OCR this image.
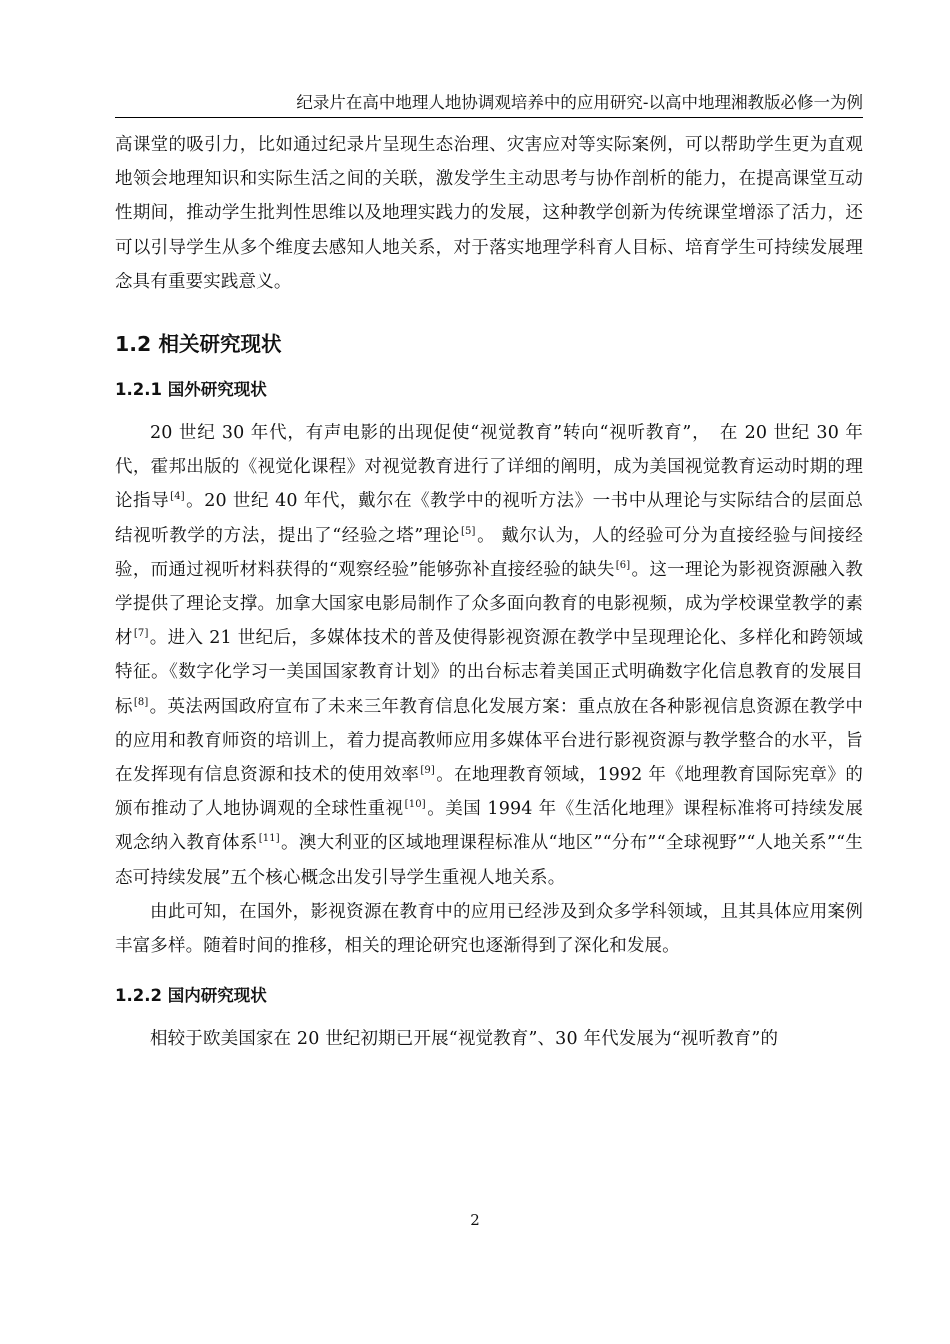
纪录片在高中地理人地协调观培养中的应用研究-以高中地理湘教版必修一为例

高课堂的吸引力，比如通过纪录片呈现生态治理、灾害应对等实际案例，可以帮助学生更为直观地领会地理知识和实际生活之间的关联，激发学生主动思考与协作剖析的能力，在提高课堂互动性期间，推动学生批判性思维以及地理实践力的发展，这种教学创新为传统课堂增添了活力，还可以引导学生从多个维度去感知人地关系，对于落实地理学科育人目标、培育学生可持续发展理念具有重要实践意义。

1.2 相关研究现状
1.2.1 国外研究现状

20 世纪 30 年代，有声电影的出现促使“视觉教育”转向“视听教育”，　在 20 世纪 30 年代，霍邦出版的《视觉化课程》对视觉教育进行了详细的阐明，成为美国视觉教育运动时期的理论指导[4]。20 世纪 40 年代，戴尔在《教学中的视听方法》一书中从理论与实际结合的层面总结视听教学的方法，提出了“经验之塔”理论[5]。 戴尔认为，人的经验可分为直接经验与间接经验，而通过视听材料获得的“观察经验”能够弥补直接经验的缺失[6]。这一理论为影视资源融入教学提供了理论支撑。加拿大国家电影局制作了众多面向教育的电影视频，成为学校课堂教学的素材[7]。进入 21 世纪后，多媒体技术的普及使得影视资源在教学中呈现理论化、多样化和跨领域特征。《数字化学习一美国国家教育计划》的出台标志着美国正式明确数字化信息教育的发展目标[8]。英法两国政府宣布了未来三年教育信息化发展方案：重点放在各种影视信息资源在教学中的应用和教育师资的培训上，着力提高教师应用多媒体平台进行影视资源与教学整合的水平，旨在发挥现有信息资源和技术的使用效率[9]。在地理教育领域，1992 年《地理教育国际宪章》的颁布推动了人地协调观的全球性重视[10]。美国 1994 年《生活化地理》课程标准将可持续发展观念纳入教育体系[11]。澳大利亚的区域地理课程标准从“地区”“分布”“全球视野”“人地关系”“生态可持续发展”五个核心概念出发引导学生重视人地关系。

由此可知，在国外，影视资源在教育中的应用已经涉及到众多学科领域，且其具体应用案例丰富多样。随着时间的推移，相关的理论研究也逐渐得到了深化和发展。

1.2.2 国内研究现状

相较于欧美国家在 20 世纪初期已开展“视觉教育”、30 年代发展为“视听教育”的

2
